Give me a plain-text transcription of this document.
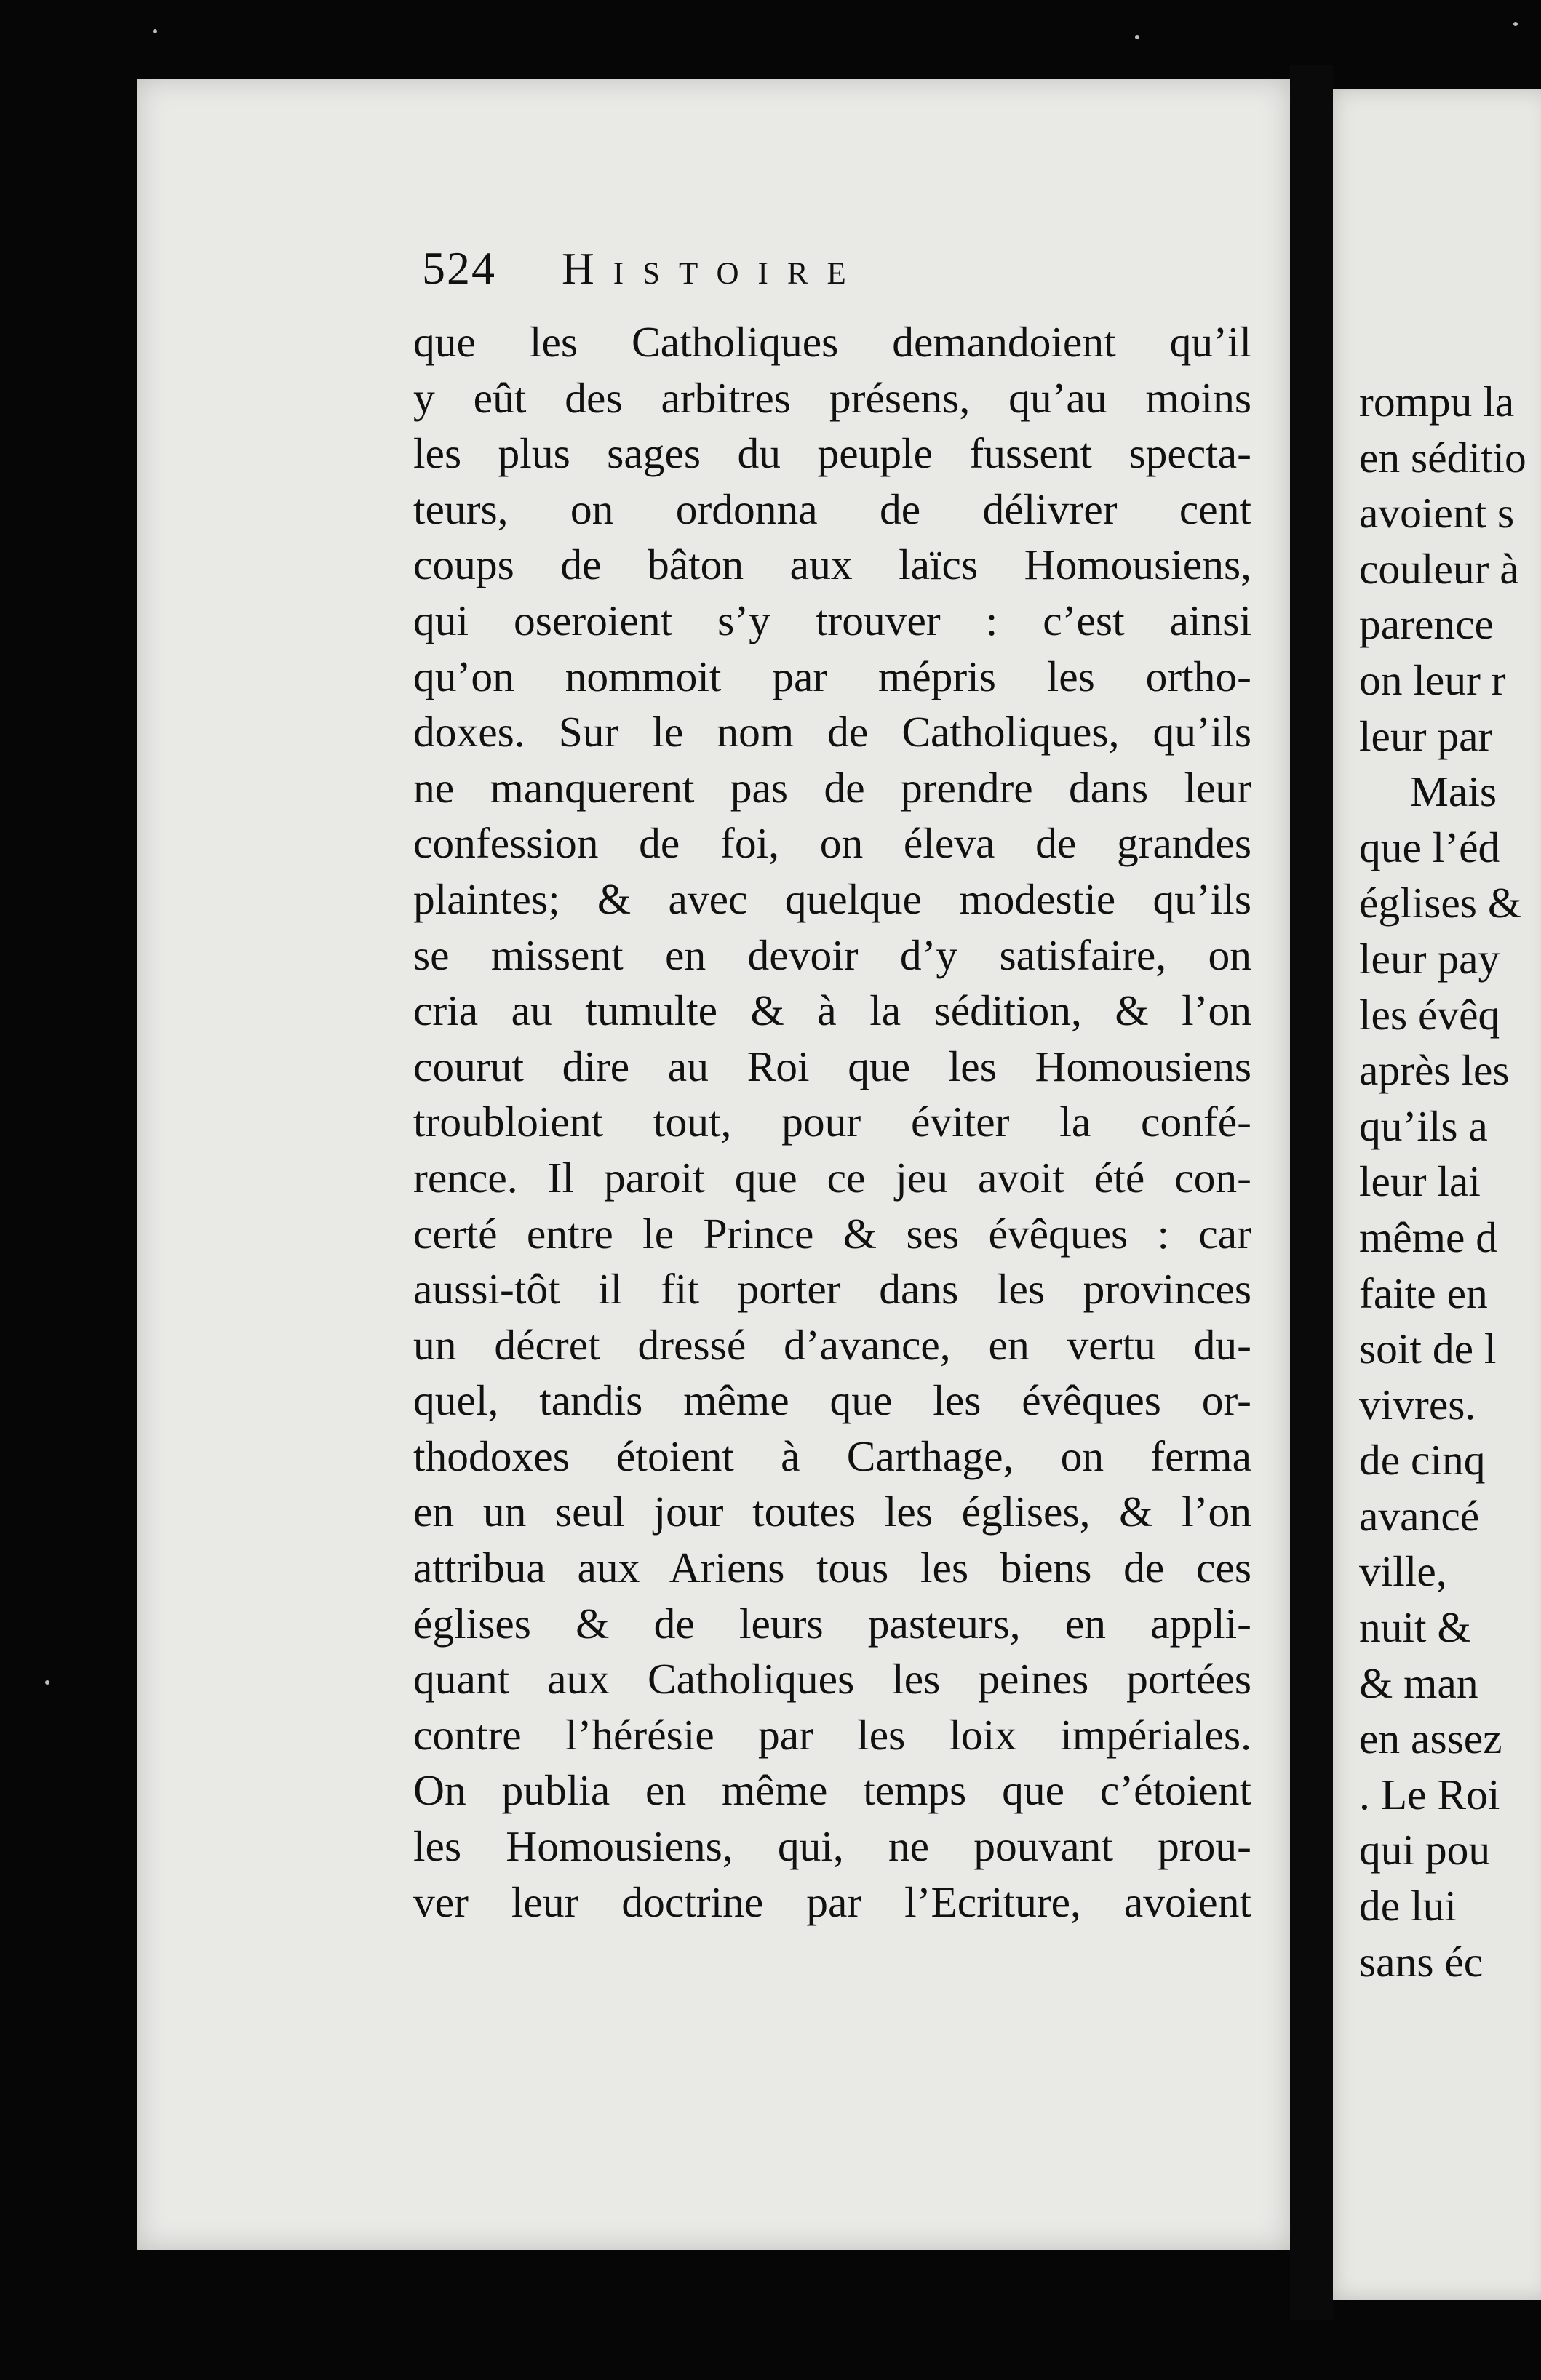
524 Histoire
que les Catholiques demandoient qu’il
y eût des arbitres présens, qu’au moins
les plus sages du peuple fussent specta-
teurs, on ordonna de délivrer cent
coups de bâton aux laïcs Homousiens,
qui oseroient s’y trouver : c’est ainsi
qu’on nommoit par mépris les ortho-
doxes. Sur le nom de Catholiques, qu’ils
ne manquerent pas de prendre dans leur
confession de foi, on éleva de grandes
plaintes; & avec quelque modestie qu’ils
se missent en devoir d’y satisfaire, on
cria au tumulte & à la sédition, & l’on
courut dire au Roi que les Homousiens
troubloient tout, pour éviter la confé-
rence. Il paroit que ce jeu avoit été con-
certé entre le Prince & ses évêques : car
aussi-tôt il fit porter dans les provinces
un décret dressé d’avance, en vertu du-
quel, tandis même que les évêques or-
thodoxes étoient à Carthage, on ferma
en un seul jour toutes les églises, & l’on
attribua aux Ariens tous les biens de ces
églises & de leurs pasteurs, en appli-
quant aux Catholiques les peines portées
contre l’hérésie par les loix impériales.
On publia en même temps que c’étoient
les Homousiens, qui, ne pouvant prou-
ver leur doctrine par l’Ecriture, avoient
rompu la
en séditio
avoient s
couleur à
parence
on leur r
leur par
Mais
que l’éd
églises &
leur pay
les évêq
après les
qu’ils a
leur lai
même d
faite en
soit de l
vivres.
de cinq
avancé
ville,
nuit &
& man
en assez
. Le Roi
qui pou
de lui
sans éc
